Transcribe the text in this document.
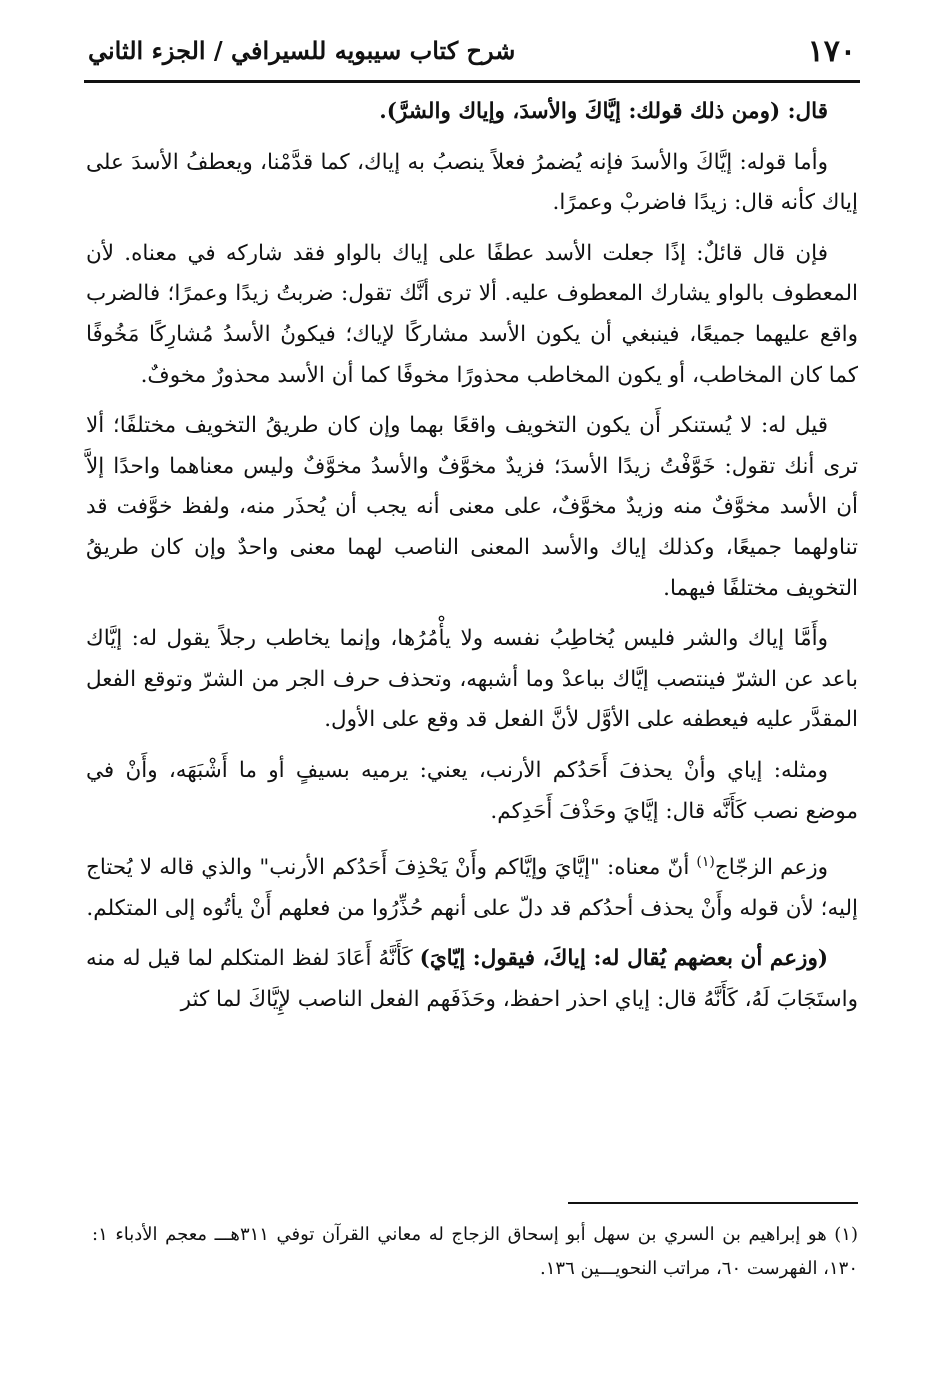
١٧٠
شرح كتاب سيبويه للسيرافي / الجزء الثاني

قال: (ومن ذلك قولك: إيَّاكَ والأسدَ، وإياك والشرَّ).

وأما قوله: إيَّاكَ والأسدَ فإنه يُضمرُ فعلاً ينصبُ به إياك، كما قدَّمْنا، ويعطفُ الأسدَ على إياك كأنه قال: زيدًا فاضربْ وعمرًا.

فإن قال قائلٌ: إذًا جعلت الأسد عطفًا على إياك بالواو فقد شاركه في معناه. لأن المعطوف بالواو يشارك المعطوف عليه. ألا ترى أنَّك تقول: ضربتُ زيدًا وعمرًا؛ فالضرب واقع عليهما جميعًا، فينبغي أن يكون الأسد مشاركًا لإياك؛ فيكونُ الأسدُ مُشارِكًا مَخُوفًا كما كان المخاطب، أو يكون المخاطب محذورًا مخوفًا كما أن الأسد محذورٌ مخوفٌ.

قيل له: لا يُستنكر أَن يكون التخويف واقعًا بهما وإن كان طريقُ التخويف مختلفًا؛ ألا ترى أنك تقول: خَوَّفْتُ زيدًا الأسدَ؛ فزيدٌ مخوَّفٌ والأسدُ مخوَّفٌ وليس معناهما واحدًا إلاَّ أن الأسد مخوَّفٌ منه وزيدٌ مخوَّفٌ، على معنى أنه يجب أن يُحذَر منه، ولفظ خوَّفت قد تناولهما جميعًا، وكذلك إياك والأسد المعنى الناصب لهما معنى واحدٌ وإن كان طريقُ التخويف مختلفًا فيهما.

وأَمَّا إياك والشر فليس يُخاطِبُ نفسه ولا يأْمُرُها، وإنما يخاطب رجلاً يقول له: إيَّاك باعد عن الشرّ فينتصب إيَّاك بباعدْ وما أشبهه، وتحذف حرف الجر من الشرّ وتوقع الفعل المقدَّر عليه فيعطفه على الأوَّل لأنَّ الفعل قد وقع على الأول.

ومثله: إياي وأنْ يحذفَ أَحَدُكم الأرنب، يعني: يرميه بسيفٍ أو ما أَشْبَهَه، وأَنْ في موضع نصب كَأَنَّه قال: إيَّايَ وحَذْفَ أَحَدِكم.

وزعم الزجّاج$^{(١)}$ أنّ معناه: "إيَّايَ وإيَّاكم وأَنْ يَحْذِفَ أَحَدُكم الأرنب" والذي قاله لا يُحتاج إليه؛ لأن قوله وأَنْ يحذف أحدُكم قد دلّ على أنهم حُذِّرُوا من فعلهم أَنْ يأتُوه إلى المتكلم.

(وزعم أن بعضهم يُقال له: إياكَ، فيقول: إيّايَ) كَأَنَّهُ أَعَادَ لفظ المتكلم لما قيل له منه واستَجَابَ لَهُ، كَأَنَّهُ قال: إياي احذر احفظ، وحَذَفَهم الفعل الناصب لإِيَّاكَ لما كثر

(١) هو إبراهيم بن السري بن سهل أبو إسحاق الزجاج له معاني القرآن توفي ٣١١هـــ معجم الأدباء ١: ١٣٠، الفهرست ٦٠، مراتب النحويـــين ١٣٦.
